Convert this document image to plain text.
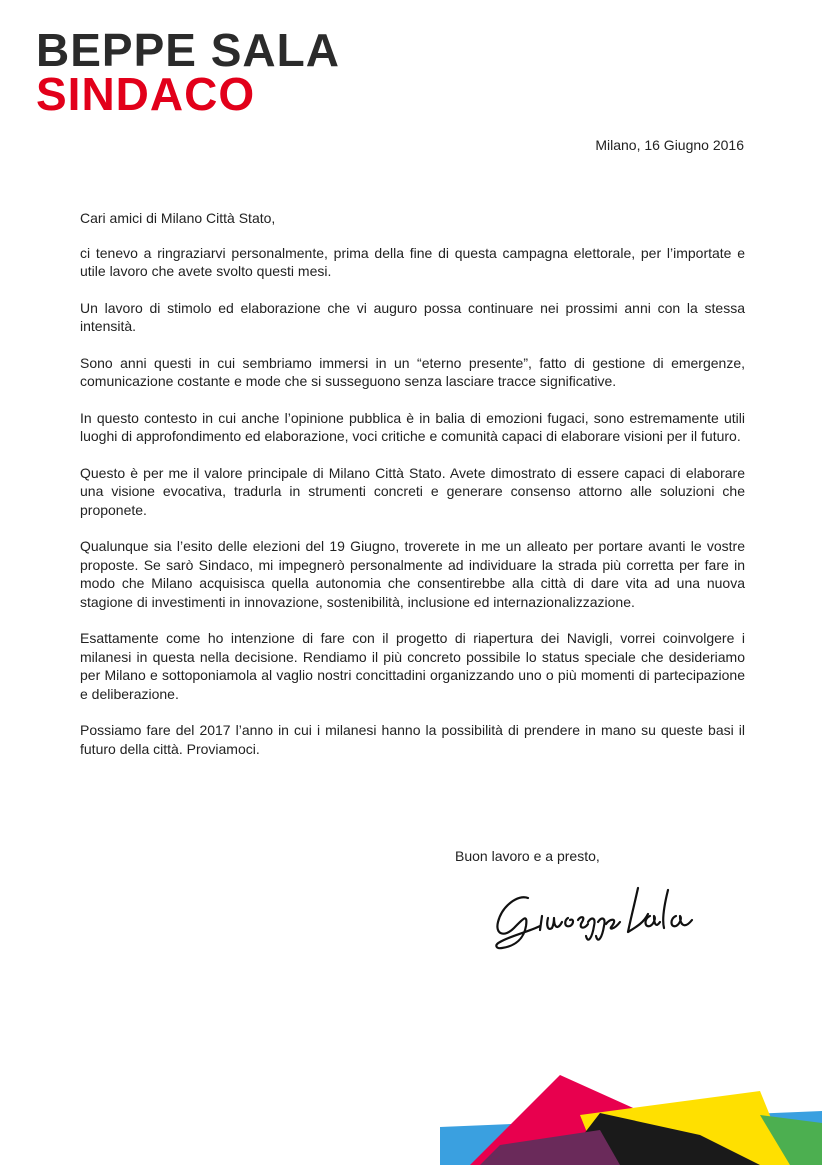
BEPPE SALA
SINDACO
Milano, 16 Giugno 2016

Cari amici di Milano Città Stato,

ci tenevo a ringraziarvi personalmente, prima della fine di questa campagna elettorale, per l’importate e utile lavoro che avete svolto questi mesi.

Un lavoro di stimolo ed elaborazione che vi auguro possa continuare nei prossimi anni con la stessa intensità.

Sono anni questi in cui sembriamo immersi in un “eterno presente”, fatto di gestione di emergenze, comunicazione costante e mode che si susseguono senza lasciare tracce significative.

In questo contesto in cui anche l’opinione pubblica è in balia di emozioni fugaci, sono estremamente utili luoghi di approfondimento ed elaborazione, voci critiche e comunità capaci di elaborare visioni per il futuro.

Questo è per me il valore principale di Milano Città Stato. Avete dimostrato di essere capaci di elaborare una visione evocativa, tradurla in strumenti concreti e generare consenso attorno alle soluzioni che proponete.

Qualunque sia l’esito delle elezioni del 19 Giugno, troverete in me un alleato per portare avanti le vostre proposte. Se sarò Sindaco, mi impegnerò personalmente ad individuare la strada più corretta per fare in modo che Milano acquisisca quella autonomia che consentirebbe alla città di dare vita ad una nuova stagione di investimenti in innovazione, sostenibilità, inclusione ed internazionalizzazione.

Esattamente come ho intenzione di fare con il progetto di riapertura dei Navigli, vorrei coinvolgere i milanesi in questa nella decisione. Rendiamo il più concreto possibile lo status speciale che desideriamo per Milano e sottoponiamola al vaglio nostri concittadini organizzando uno o più momenti di partecipazione e deliberazione.

Possiamo fare del 2017 l’anno in cui i milanesi hanno la possibilità di prendere in mano su queste basi il futuro della città. Proviamoci.

Buon lavoro e a presto,
